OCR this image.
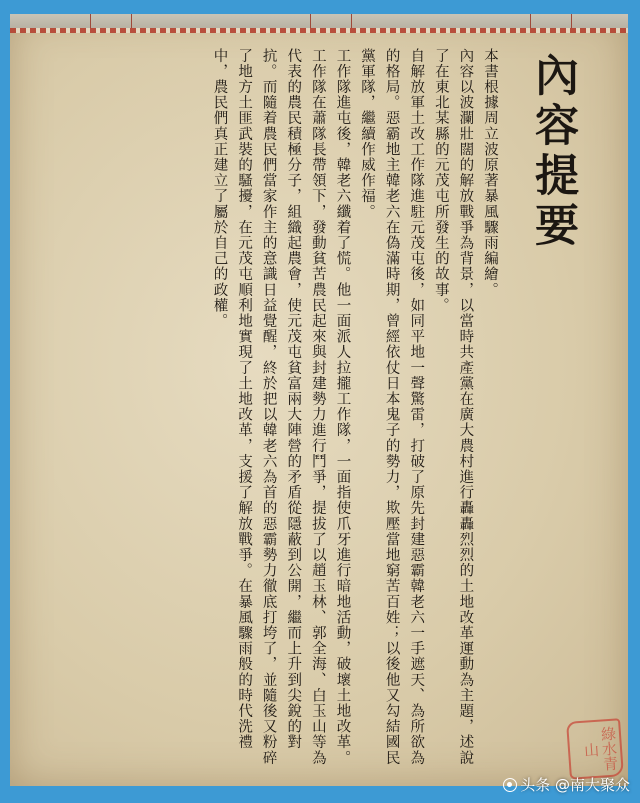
內容提要

本書根據周立波原著暴風驟雨編繪。

內容以波瀾壯闊的解放戰爭為背景，以當時共產黨在廣大農村進行轟轟烈烈的土地改革運動為主題，述說了在東北某縣的元茂屯所發生的故事。

自解放軍土改工作隊進駐元茂屯後，如同平地一聲驚雷，打破了原先封建惡霸韓老六一手遮天、為所欲為的格局。惡霸地主韓老六在偽滿時期，曾經依仗日本鬼子的勢力，欺壓當地窮苦百姓；以後他又勾結國民黨軍隊，繼續作威作福。

工作隊進屯後，韓老六纖着了慌。他一面派人拉攏工作隊，一面指使爪牙進行暗地活動，破壞土地改革。工作隊在蕭隊長帶領下，發動貧苦農民起來與封建勢力進行鬥爭，提拔了以趙玉林、郭全海、白玉山等為代表的農民積極分子，組織起農會，使元茂屯貧富兩大陣營的矛盾從隱蔽到公開，繼而上升到尖銳的對抗。而隨着農民們當家作主的意識日益覺醒，終於把以韓老六為首的惡霸勢力徹底打垮了，並隨後又粉碎了地方土匪武裝的騷擾，在元茂屯順利地實現了土地改革，支援了解放戰爭。在暴風驟雨般的時代洗禮中，農民們真正建立了屬於自己的政權。

綠水青山
头条 @南大聚众
